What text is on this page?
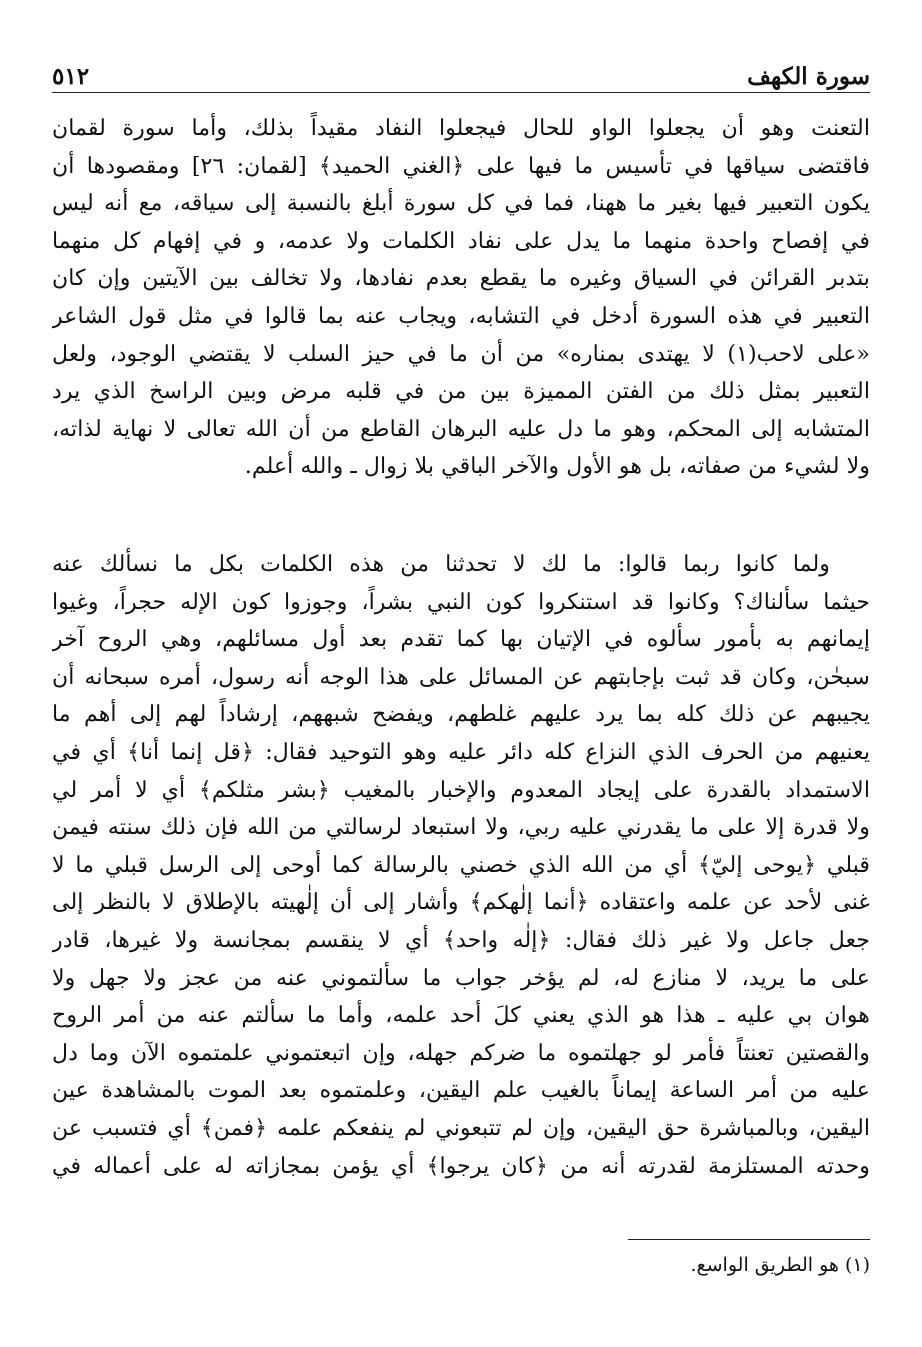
سورة الكهف
٥١٢
التعنت وهو أن يجعلوا الواو للحال فيجعلوا النفاد مقيداً بذلك، وأما سورة لقمان
فاقتضى سياقها في تأسيس ما فيها على ﴿الغني الحميد﴾ [لقمان: ٢٦] ومقصودها أن
يكون التعبير فيها بغير ما ههنا، فما في كل سورة أبلغ بالنسبة إلى سياقه، مع أنه ليس
في إفصاح واحدة منهما ما يدل على نفاد الكلمات ولا عدمه، و في إفهام كل منهما
بتدبر القرائن في السياق وغيره ما يقطع بعدم نفادها، ولا تخالف بين الآيتين وإن كان
التعبير في هذه السورة أدخل في التشابه، ويجاب عنه بما قالوا في مثل قول الشاعر
«على لاحب(١) لا يهتدى بمناره» من أن ما في حيز السلب لا يقتضي الوجود، ولعل
التعبير بمثل ذلك من الفتن المميزة بين من في قلبه مرض وبين الراسخ الذي يرد
المتشابه إلى المحكم، وهو ما دل عليه البرهان القاطع من أن الله تعالى لا نهاية لذاته،
ولا لشيء من صفاته، بل هو الأول والآخر الباقي بلا زوال ـ والله أعلم.
ولما كانوا ربما قالوا: ما لك لا تحدثنا من هذه الكلمات بكل ما نسألك عنه
حيثما سألناك؟ وكانوا قد استنكروا كون النبي بشراً، وجوزوا كون الإله حجراً، وغيوا
إيمانهم به بأمور سألوه في الإتيان بها كما تقدم بعد أول مسائلهم، وهي الروح آخر
سبحٰن، وكان قد ثبت بإجابتهم عن المسائل على هذا الوجه أنه رسول، أمره سبحانه أن
يجيبهم عن ذلك كله بما يرد عليهم غلطهم، ويفضح شبههم، إرشاداً لهم إلى أهم ما
يعنيهم من الحرف الذي النزاع كله دائر عليه وهو التوحيد فقال: ﴿قل إنما أنا﴾ أي في
الاستمداد بالقدرة على إيجاد المعدوم والإخبار بالمغيب ﴿بشر مثلكم﴾ أي لا أمر لي
ولا قدرة إلا على ما يقدرني عليه ربي، ولا استبعاد لرسالتي من الله فإن ذلك سنته فيمن
قبلي ﴿يوحى إليّ﴾ أي من الله الذي خصني بالرسالة كما أوحى إلى الرسل قبلي ما لا
غنى لأحد عن علمه واعتقاده ﴿أنما إلٰهكم﴾ وأشار إلى أن إلٰهيته بالإطلاق لا بالنظر إلى
جعل جاعل ولا غير ذلك فقال: ﴿إلٰه واحد﴾ أي لا ينقسم بمجانسة ولا غيرها، قادر
على ما يريد، لا منازع له، لم يؤخر جواب ما سألتموني عنه من عجز ولا جهل ولا
هوان بي عليه ـ هذا هو الذي يعني كلَ أحد علمه، وأما ما سألتم عنه من أمر الروح
والقصتين تعنتاً فأمر لو جهلتموه ما ضركم جهله، وإن اتبعتموني علمتموه الآن وما دل
عليه من أمر الساعة إيماناً بالغيب علم اليقين، وعلمتموه بعد الموت بالمشاهدة عين
اليقين، وبالمباشرة حق اليقين، وإن لم تتبعوني لم ينفعكم علمه ﴿فمن﴾ أي فتسبب عن
وحدته المستلزمة لقدرته أنه من ﴿كان يرجوا﴾ أي يؤمن بمجازاته له على أعماله في
(١) هو الطريق الواسع.
